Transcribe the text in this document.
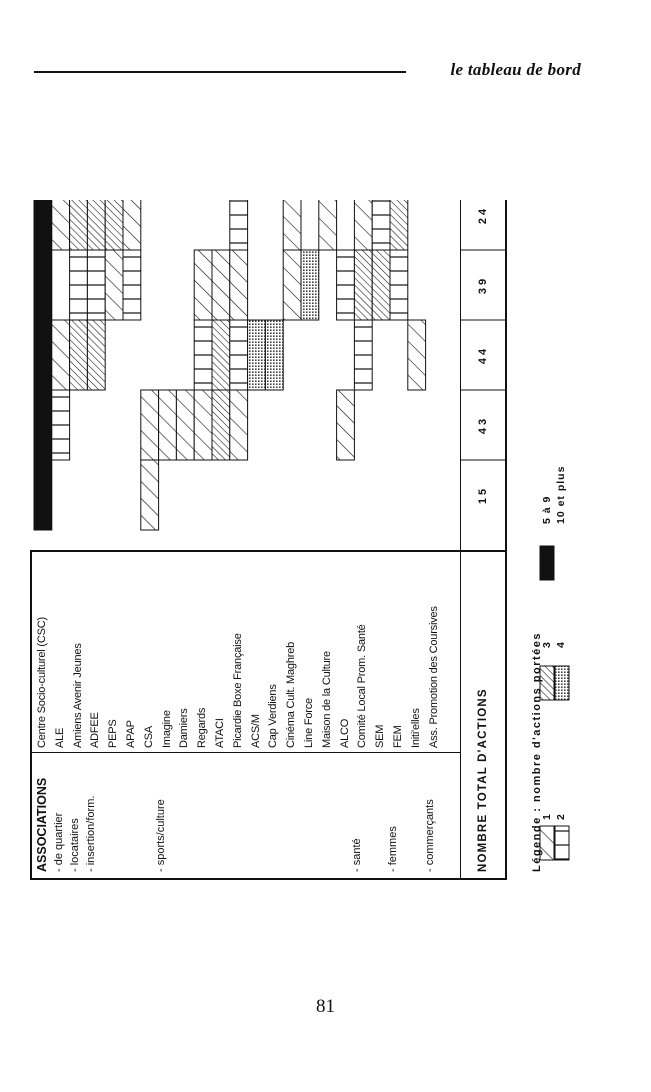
le tableau de bord
ASSOCIATIONS - de quartier - locataires - insertion/form.	- sports/culture	- santé - femmes - commerçants
Centre Socio-culturel (CSC) ALE Amiens Avenir Jeunes ADFEE PEPS APAP CSA Imagine Damiers Regards ATACI Picardie Boxe Française ACS/M Cap Verdiens Cinéma Cult. Maghreb Line Force Maison de la Culture ALCO Comité Local Prom. Santé SEM FEM Initi'elles Ass. Promotion des Coursives
NOMBRE TOTAL D'ACTIONS
15
43
44
39
24
Légende : nombre d'actions portées
1 2
3 4
5 à 9 10 et plus
81
